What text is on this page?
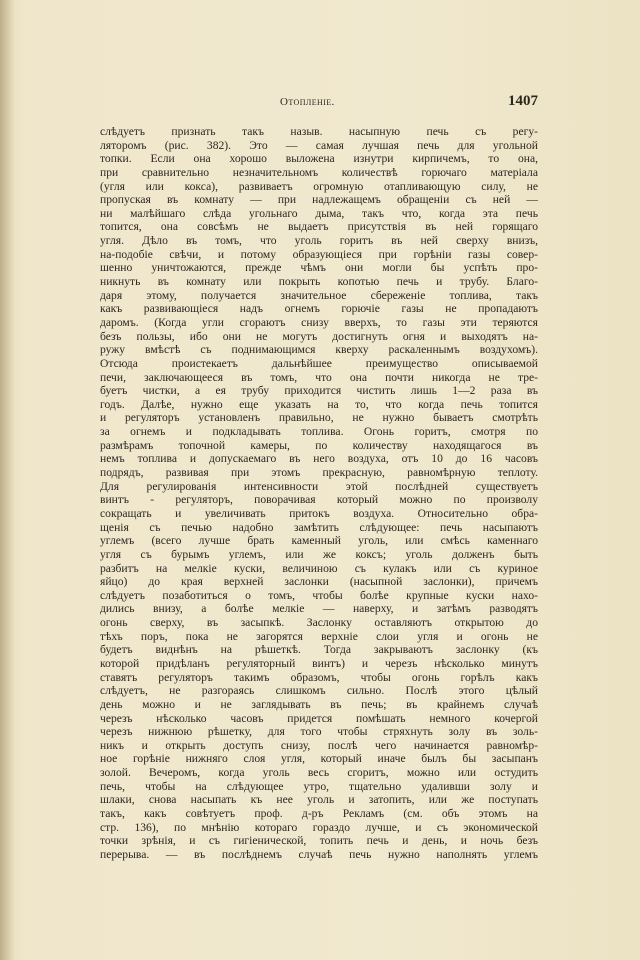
Отопленіе.	1407
слѣдуетъ признать такъ назыв. насыпную печь съ регу-
ляторомъ (рис. 382). Это — самая лучшая печь для угольной
топки. Если она хорошо выложена изнутри кирпичемъ, то она,
при сравнительно незначительномъ количествѣ горючаго матеріала
(угля или кокса), развиваетъ огромную отапливающую силу, не
пропуская въ комнату — при надлежащемъ обращеніи съ ней —
ни малѣйшаго слѣда угольнаго дыма, такъ что, когда эта печь
топится, она совсѣмъ не выдаетъ присутствія въ ней горящаго
угля. Дѣло въ томъ, что уголь горитъ въ ней сверху внизъ,
на-подобіе свѣчи, и потому образующіеся при горѣніи газы совер-
шенно уничтожаются, прежде чѣмъ они могли бы успѣть про-
никнуть въ комнату или покрыть копотью печь и трубу. Благо-
даря этому, получается значительное сбереженіе топлива, такъ
какъ развивающіеся надъ огнемъ горючіе газы не пропадаютъ
даромъ. (Когда угли сгораютъ снизу вверхъ, то газы эти теряются
безъ пользы, ибо они не могутъ достигнуть огня и выходятъ на-
ружу вмѣстѣ съ поднимающимся кверху раскаленнымъ воздухомъ).
Отсюда проистекаетъ дальнѣйшее преимущество описываемой
печи, заключающееся въ томъ, что она почти никогда не тре-
буетъ чистки, а ея трубу приходится чистить лишь 1—2 раза въ
годъ. Далѣе, нужно еще указать на то, что когда печь топится
и регуляторъ установленъ правильно, не нужно бываетъ смотрѣть
за огнемъ и подкладывать топлива. Огонь горитъ, смотря по
размѣрамъ топочной камеры, по количеству находящагося въ
немъ топлива и допускаемаго въ него воздуха, отъ 10 до 16 часовъ
подрядъ, развивая при этомъ прекрасную, равномѣрную теплоту.
Для регулированія интенсивности этой послѣдней существуетъ
винтъ - регуляторъ, поворачивая который можно по произволу
сокращать и увеличивать притокъ воздуха. Относительно обра-
щенія съ печью надобно замѣтить слѣдующее: печь насыпаютъ
углемъ (всего лучше брать каменный уголь, или смѣсь каменнаго
угля съ бурымъ углемъ, или же коксъ; уголь долженъ быть
разбитъ на мелкіе куски, величиною съ кулакъ или съ куриное
яйцо) до края верхней заслонки (насыпной заслонки), причемъ
слѣдуетъ позаботиться о томъ, чтобы болѣе крупные куски нахо-
дились внизу, а болѣе мелкіе — наверху, и затѣмъ разводятъ
огонь сверху, въ засыпкѣ. Заслонку оставляютъ открытою до
тѣхъ поръ, пока не загорятся верхніе слои угля и огонь не
будетъ виднѣнъ на рѣшеткѣ. Тогда закрываютъ заслонку (къ
которой придѣланъ регуляторный винтъ) и черезъ нѣсколько минутъ
ставятъ регуляторъ такимъ образомъ, чтобы огонь горѣлъ какъ
слѣдуетъ, не разгораясь слишкомъ сильно. Послѣ этого цѣлый
день можно и не заглядывать въ печь; въ крайнемъ случаѣ
черезъ нѣсколько часовъ придется помѣшать немного кочергой
черезъ нижнюю рѣшетку, для того чтобы стряхнуть золу въ золь-
никъ и открыть доступъ снизу, послѣ чего начинается равномѣр-
ное горѣніе нижняго слоя угля, который иначе былъ бы засыпанъ
золой. Вечеромъ, когда уголь весь сгоритъ, можно или остудить
печь, чтобы на слѣдующее утро, тщательно удаливши золу и
шлаки, снова насыпать къ нее уголь и затопить, или же поступать
такъ, какъ совѣтуетъ проф. д-ръ Рекламъ (см. объ этомъ на
стр. 136), по мнѣнію котораго гораздо лучше, и съ экономической
точки зрѣнія, и съ гигіенической, топить печь и день, и ночь безъ
перерыва. — въ послѣднемъ случаѣ печь нужно наполнять углемъ
